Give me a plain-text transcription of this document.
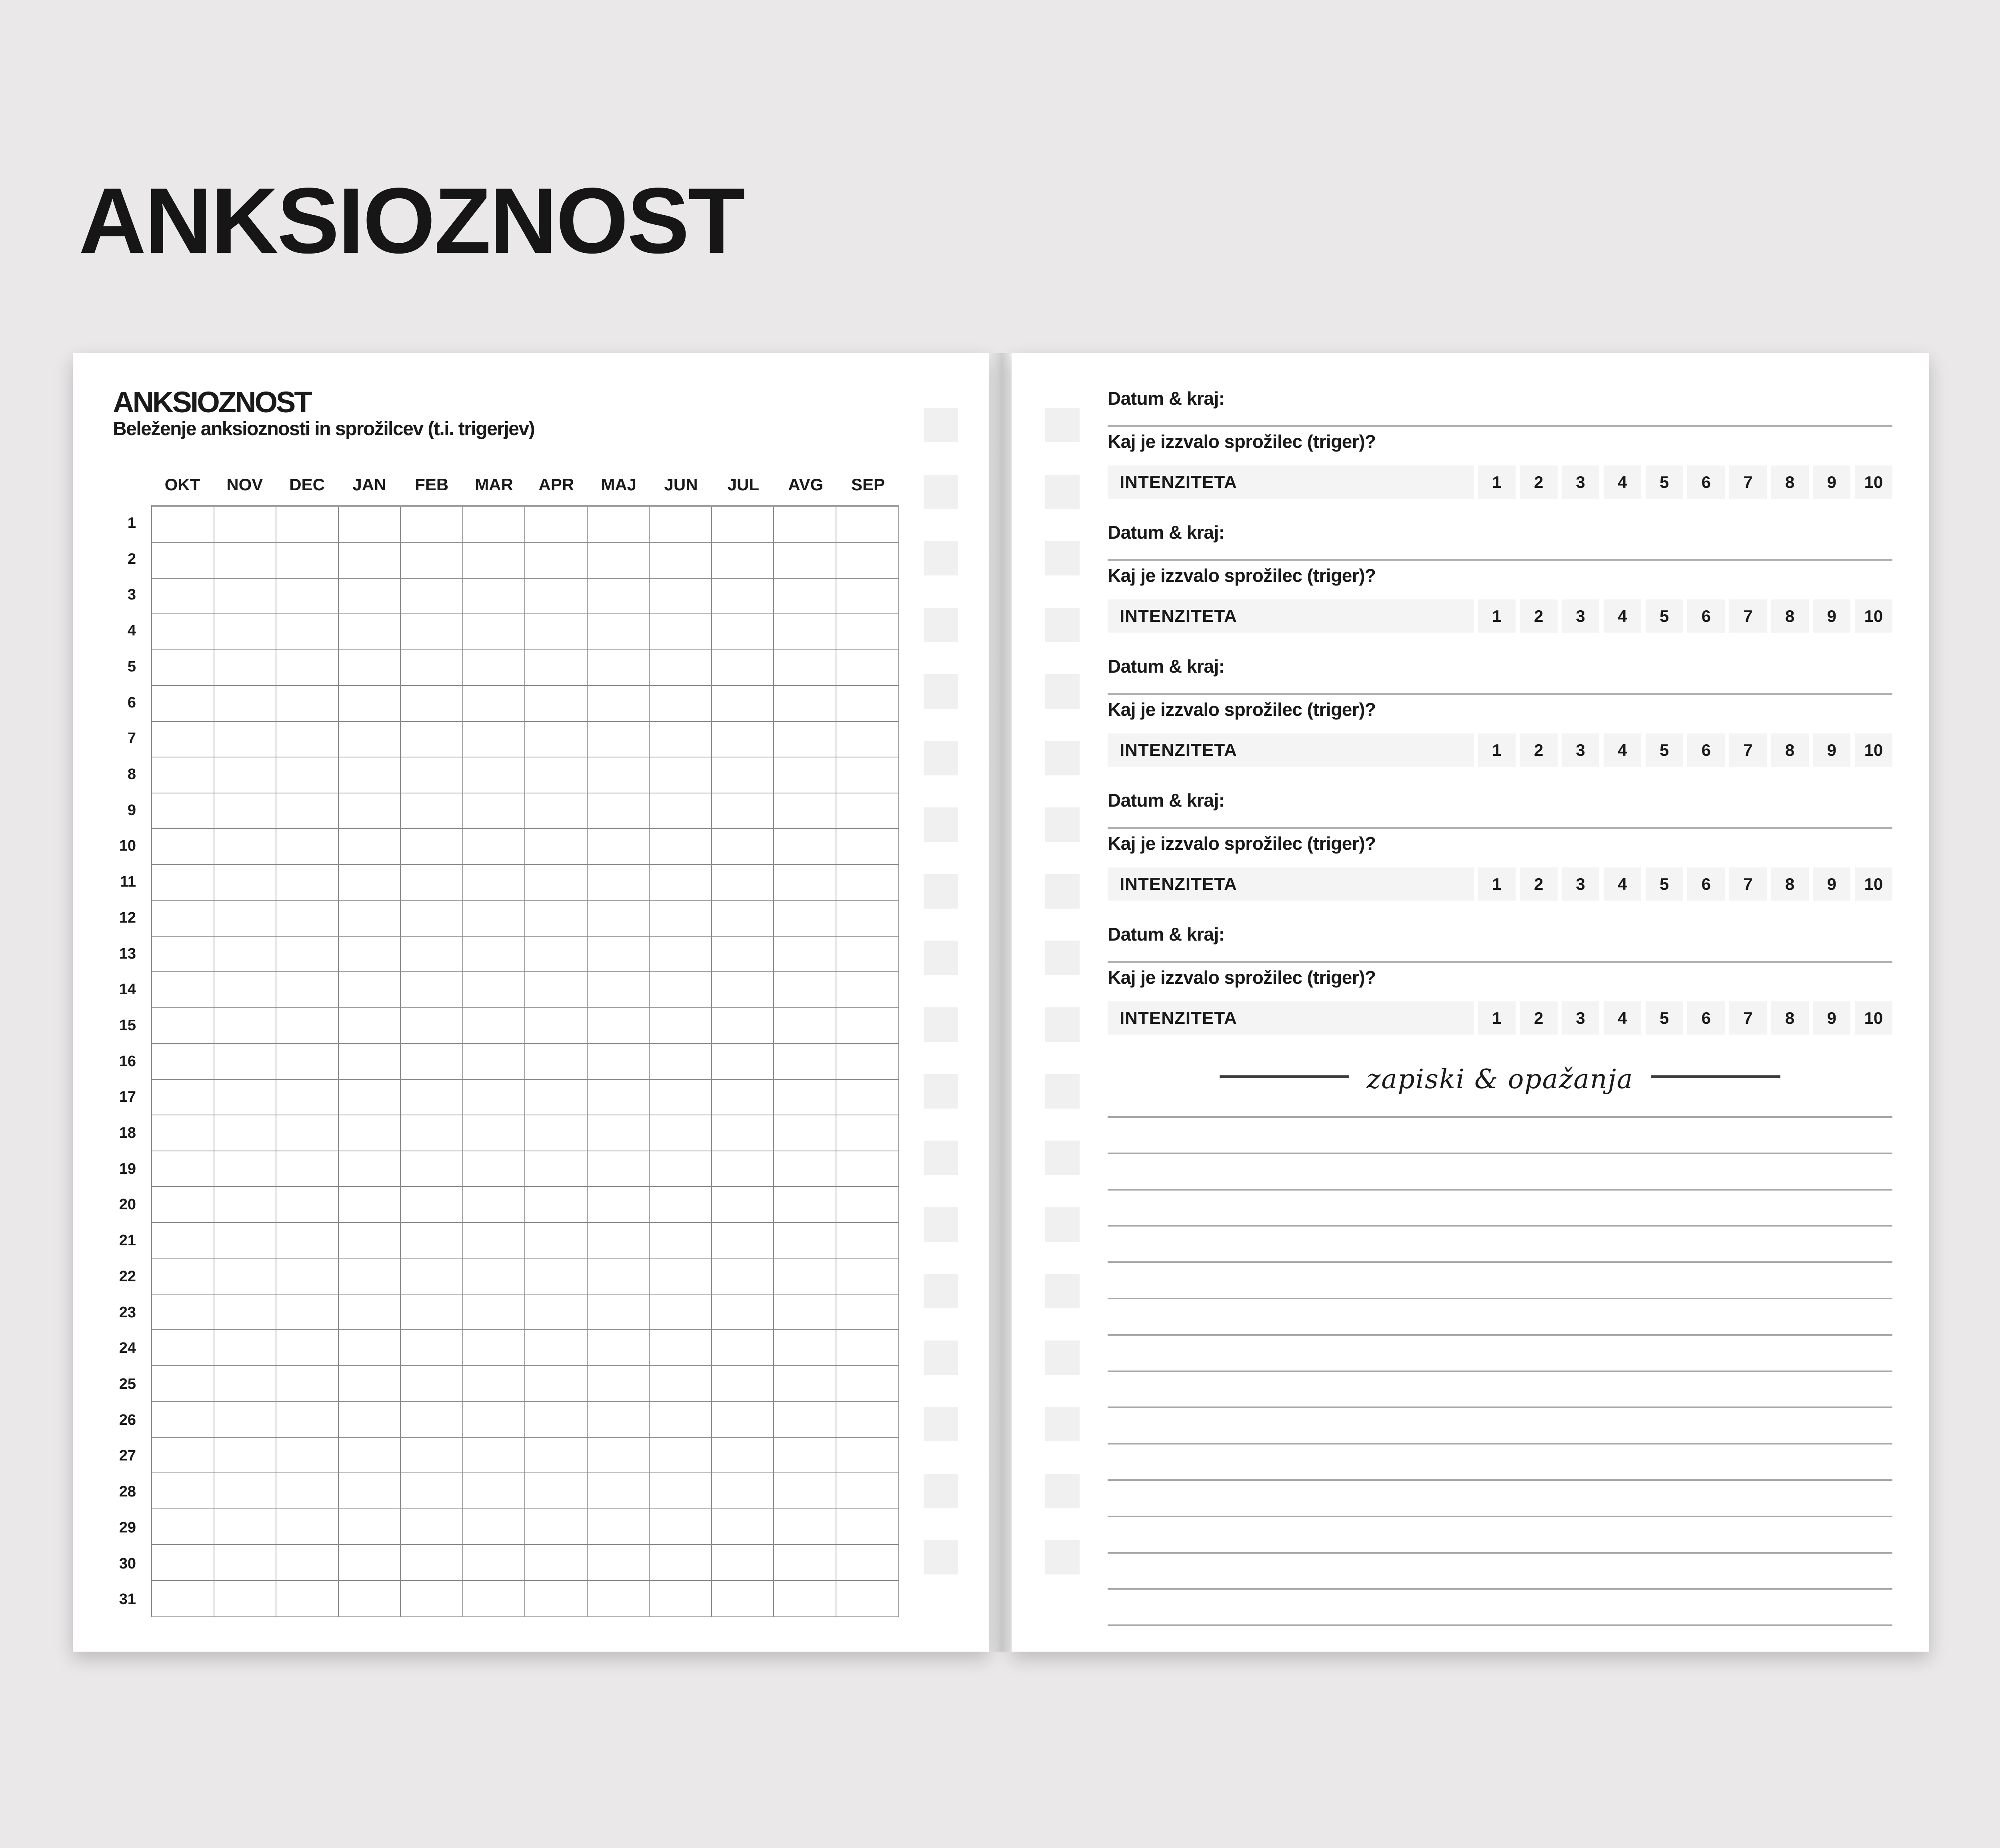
ANKSIOZNOST
ANKSIOZNOST
Beleženje anksioznosti in sprožilcev (t.i. trigerjev)
OKT	NOV	DEC	JAN	FEB	MAR	APR	MAJ	JUN	JUL	AVG	SEP
1
2
3
4
5
6
7
8
9
10
11
12
13
14
15
16
17
18
19
20
21
22
23
24
25
26
27
28
29
30
31
Datum & kraj:
Kaj je izzvalo sprožilec (triger)?
INTENZITETA	1	2	3	4	5	6	7	8	9	10
Datum & kraj:
Kaj je izzvalo sprožilec (triger)?
INTENZITETA	1	2	3	4	5	6	7	8	9	10
Datum & kraj:
Kaj je izzvalo sprožilec (triger)?
INTENZITETA	1	2	3	4	5	6	7	8	9	10
Datum & kraj:
Kaj je izzvalo sprožilec (triger)?
INTENZITETA	1	2	3	4	5	6	7	8	9	10
Datum & kraj:
Kaj je izzvalo sprožilec (triger)?
INTENZITETA	1	2	3	4	5	6	7	8	9	10
zapiski & opažanja
